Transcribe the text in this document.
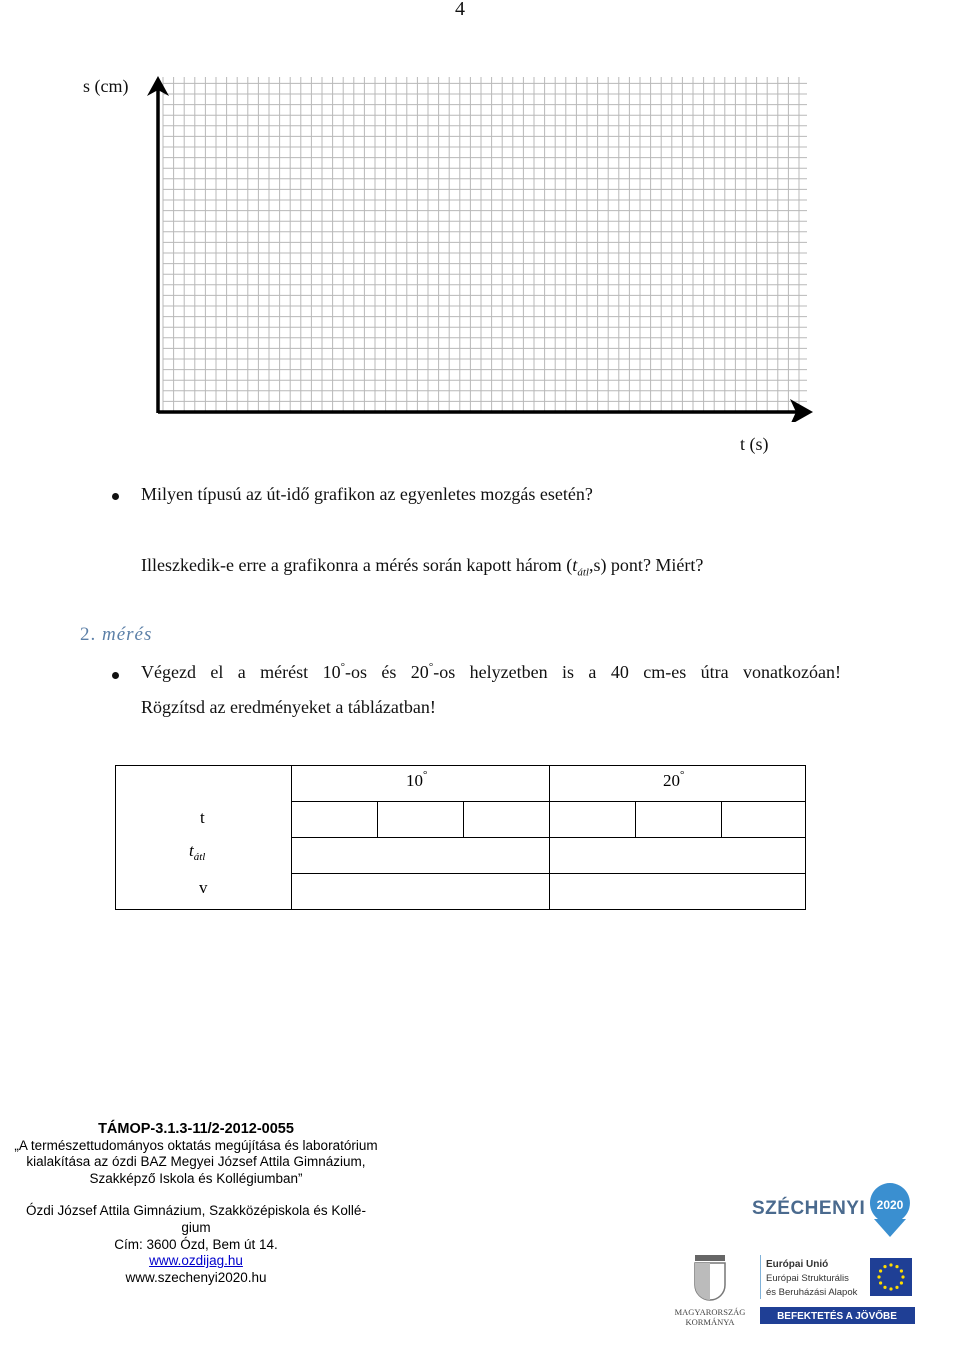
4
s (cm)
t (s)
Milyen típusú az út-idő grafikon az egyenletes mozgás esetén?
Illeszkedik-e erre a grafikonra a mérés során kapott három $(t_{átl},s)$ pont? Miért?
2. mérés
Végezd el a mérést 10°-os és 20°-os helyzetben is a 40 cm-es útra vonatkozóan!
Rögzítsd az eredményeket a táblázatban!
10°	20°
t
$t_{átl}$
v
TÁMOP-3.1.3-11/2-2012-0055
„A természettudományos oktatás megújítása és laboratórium
kialakítása az ózdi BAZ Megyei József Attila Gimnázium,
Szakképző Iskola és Kollégiumban”
Ózdi József Attila Gimnázium, Szakközépiskola és Kollé-
gium
Cím: 3600 Ózd, Bem út 14.
www.ozdijag.hu
www.szechenyi2020.hu
SZÉCHENYI 2020
MAGYARORSZÁG
KORMÁNYA
Európai Unió
Európai Strukturális
és Beruházási Alapok
BEFEKTETÉS A JÖVŐBE
